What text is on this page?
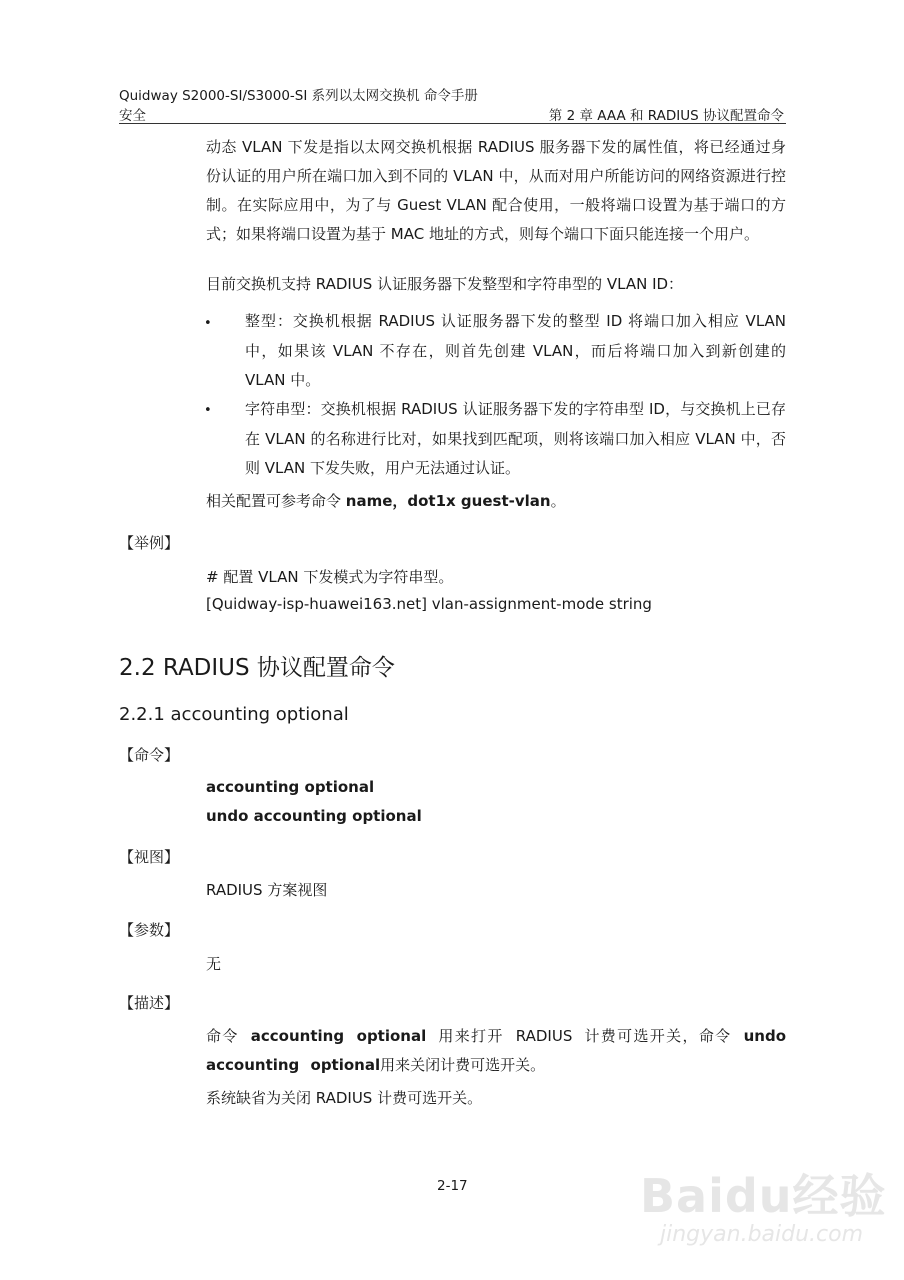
Quidway S2000-SI/S3000-SI 系列以太网交换机 命令手册
安全	第 2 章 AAA 和 RADIUS 协议配置命令

动态 VLAN 下发是指以太网交换机根据 RADIUS 服务器下发的属性值，将已经通过身份认证的用户所在端口加入到不同的 VLAN 中，从而对用户所能访问的网络资源进行控制。在实际应用中，为了与 Guest VLAN 配合使用，一般将端口设置为基于端口的方式；如果将端口设置为基于 MAC 地址的方式，则每个端口下面只能连接一个用户。

目前交换机支持 RADIUS 认证服务器下发整型和字符串型的 VLAN ID：

• 整型：交换机根据 RADIUS 认证服务器下发的整型 ID 将端口加入相应 VLAN 中，如果该 VLAN 不存在，则首先创建 VLAN，而后将端口加入到新创建的 VLAN 中。

• 字符串型：交换机根据 RADIUS 认证服务器下发的字符串型 ID，与交换机上已存在 VLAN 的名称进行比对，如果找到匹配项，则将该端口加入相应 VLAN 中，否则 VLAN 下发失败，用户无法通过认证。

相关配置可参考命令 name，dot1x guest-vlan。
【举例】
# 配置 VLAN 下发模式为字符串型。
[Quidway-isp-huawei163.net] vlan-assignment-mode string
2.2 RADIUS 协议配置命令
2.2.1 accounting optional
【命令】
accounting optional
undo accounting optional
【视图】
RADIUS 方案视图
【参数】
无
【描述】

命令 accounting optional 用来打开 RADIUS 计费可选开关，命令 undo accounting optional用来关闭计费可选开关。

系统缺省为关闭 RADIUS 计费可选开关。
2-17	Baidu经验
jingyan.baidu.com
